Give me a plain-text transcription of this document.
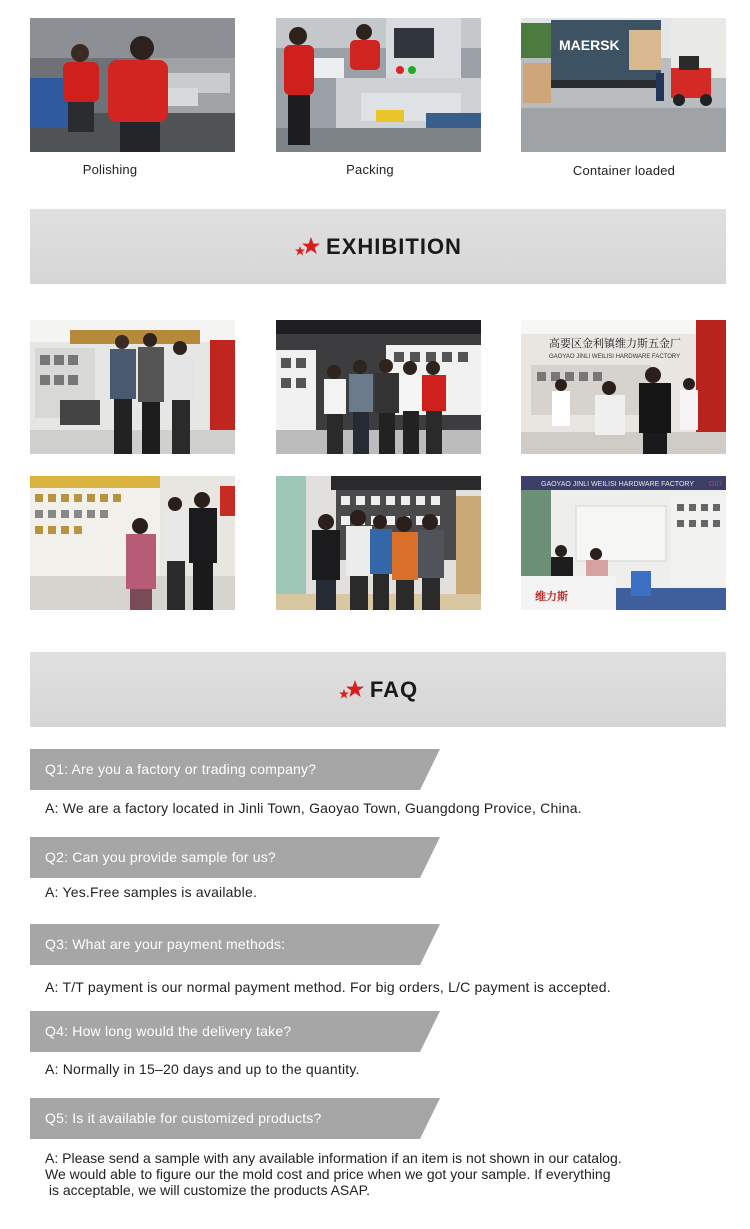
MAERSK
Polishing	Packing	Container loaded
EXHIBITION
高要区金利镇维力斯五金厂
GAOYAO JINLI WEILISI HARDWARE FACTORY
GAOYAO JINLI WEILISI HARDWARE FACTORY G07
维力斯
FAQ
Q1: Are you a factory or trading company?
A: We are a factory located in Jinli Town, Gaoyao Town, Guangdong Provice, China.
Q2: Can you provide sample for us?
A: Yes.Free samples is available.
Q3: What are your payment methods:
A: T/T payment is our normal payment method. For big orders, L/C payment is accepted.
Q4: How long would the delivery take?
A: Normally in 15–20 days and up to the quantity.
Q5: Is it available for customized products?
A: Please send a sample with any available information if an item is not shown in our catalog.
We would able to figure our the mold cost and price when we got your sample. If everything
is acceptable, we will customize the products ASAP.
